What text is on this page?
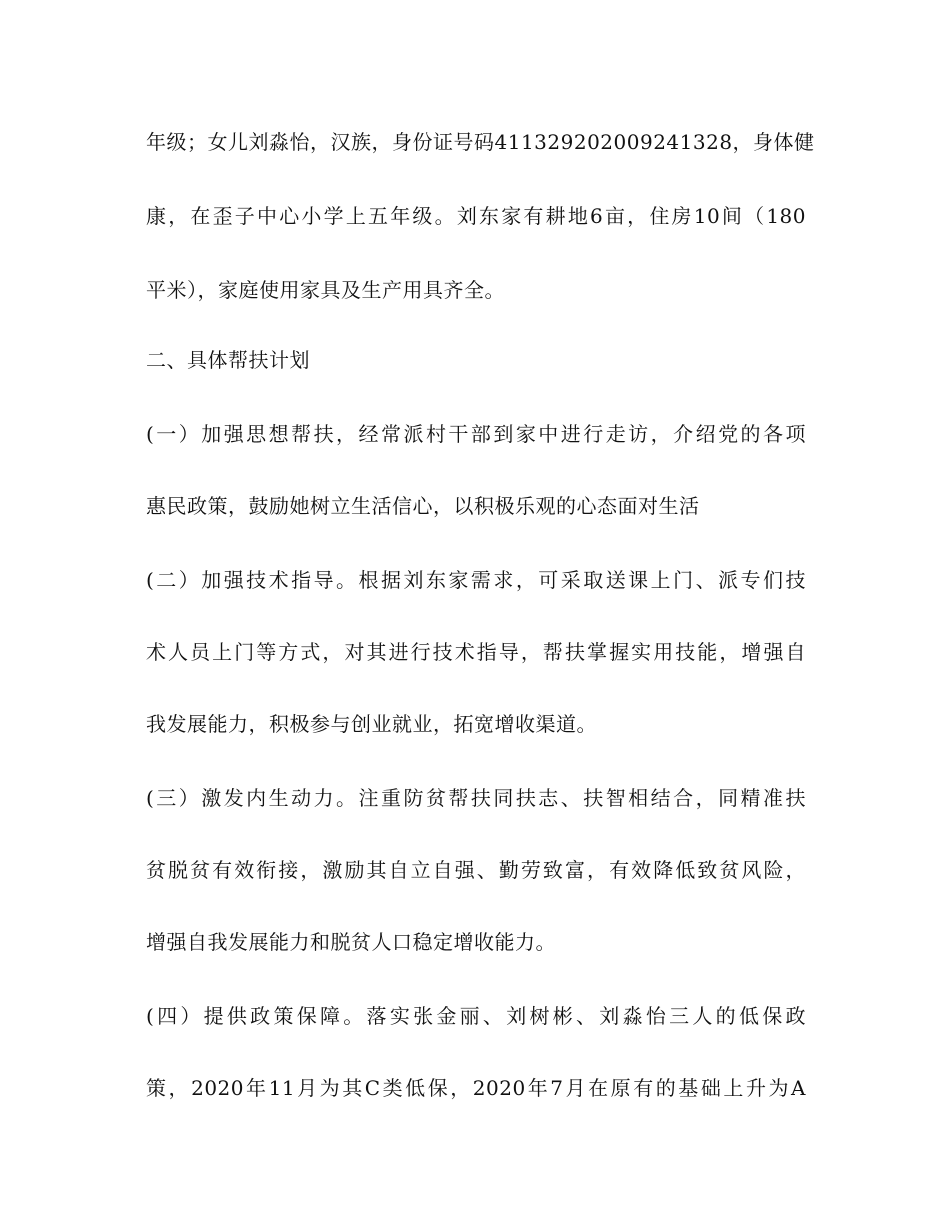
年级；女儿刘淼怡，汉族，身份证号码411329202009241328，身体健
康，在歪子中心小学上五年级。刘东家有耕地6亩，住房10间（180
平米），家庭使用家具及生产用具齐全。
二、具体帮扶计划
(一）加强思想帮扶，经常派村干部到家中进行走访，介绍党的各项
惠民政策，鼓励她树立生活信心，以积极乐观的心态面对生活
(二）加强技术指导。根据刘东家需求，可采取送课上门、派专们技
术人员上门等方式，对其进行技术指导，帮扶掌握实用技能，增强自
我发展能力，积极参与创业就业，拓宽增收渠道。
(三）激发内生动力。注重防贫帮扶同扶志、扶智相结合，同精准扶
贫脱贫有效衔接，激励其自立自强、勤劳致富，有效降低致贫风险，
增强自我发展能力和脱贫人口稳定增收能力。
(四）提供政策保障。落实张金丽、刘树彬、刘淼怡三人的低保政
策，2020年11月为其C类低保，2020年7月在原有的基础上升为A
